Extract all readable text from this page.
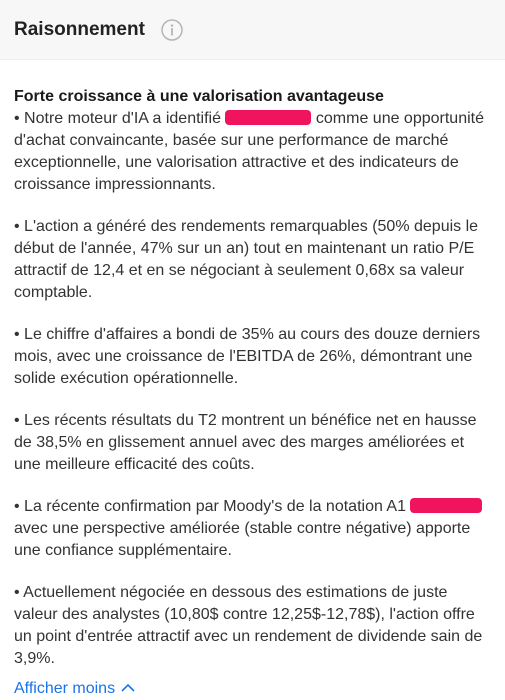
Raisonnement
Forte croissance à une valorisation avantageuse

• Notre moteur d'IA a identifié	comme une opportunité d'achat convaincante, basée sur une performance de marché exceptionnelle, une valorisation attractive et des indicateurs de croissance impressionnants.

• L'action a généré des rendements remarquables (50% depuis le début de l'année, 47% sur un an) tout en maintenant un ratio P/E attractif de 12,4 et en se négociant à seulement 0,68x sa valeur comptable.

• Le chiffre d'affaires a bondi de 35% au cours des douze derniers mois, avec une croissance de l'EBITDA de 26%, démontrant une solide exécution opérationnelle.

• Les récents résultats du T2 montrent un bénéfice net en hausse de 38,5% en glissement annuel avec des marges améliorées et une meilleure efficacité des coûts.

• La récente confirmation par Moody's de la notation A1  avec une perspective améliorée (stable contre négative) apporte une confiance supplémentaire.

• Actuellement négociée en dessous des estimations de juste valeur des analystes (10,80$ contre 12,25$-12,78$), l'action offre un point d'entrée attractif avec un rendement de dividende sain de 3,9%.

Afficher moins
